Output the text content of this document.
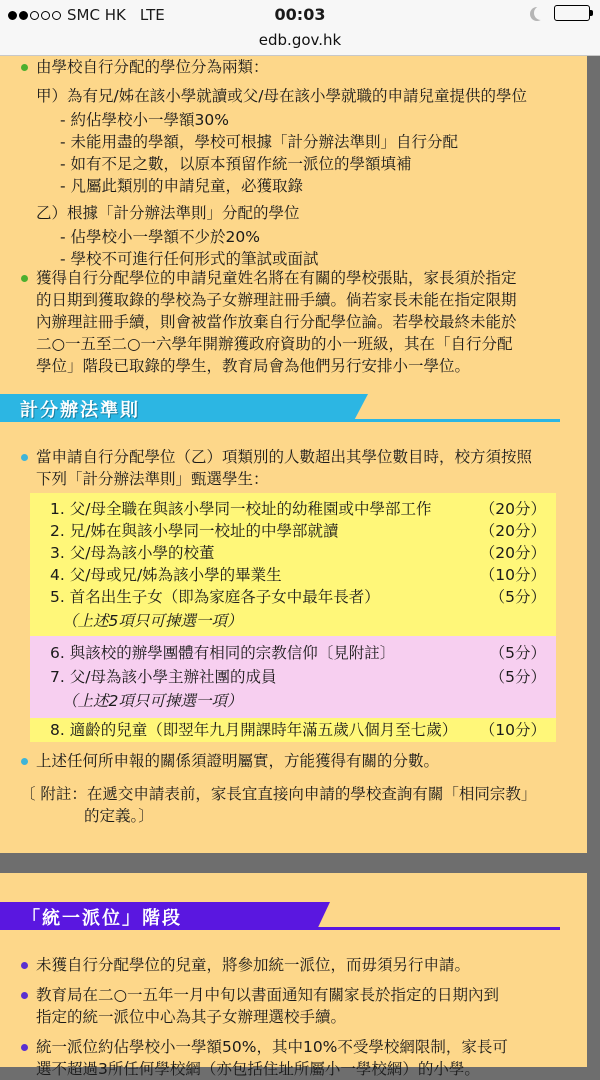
SMC HK LTE	00:03
edb.gov.hk
由學校自行分配的學位分為兩類：
甲）為有兄/姊在該小學就讀或父/母在該小學就職的申請兒童提供的學位
- 約佔學校小一學額30%
- 未能用盡的學額，學校可根據「計分辦法準則」自行分配
- 如有不足之數，以原本預留作統一派位的學額填補
- 凡屬此類別的申請兒童，必獲取錄
乙）根據「計分辦法準則」分配的學位
- 佔學校小一學額不少於20%
- 學校不可進行任何形式的筆試或面試
獲得自行分配學位的申請兒童姓名將在有關的學校張貼，家長須於指定
的日期到獲取錄的學校為子女辦理註冊手續。倘若家長未能在指定限期
內辦理註冊手續，則會被當作放棄自行分配學位論。若學校最終未能於
二○一五至二○一六學年開辦獲政府資助的小一班級，其在「自行分配
學位」階段已取錄的學生，教育局會為他們另行安排小一學位。
計分辦法準則
當申請自行分配學位（乙）項類別的人數超出其學位數目時，校方須按照
下列「計分辦法準則」甄選學生：
1. 父/母全職在與該小學同一校址的幼稚園或中學部工作	（20分）
2. 兄/姊在與該小學同一校址的中學部就讀	（20分）
3. 父/母為該小學的校董	（20分）
4. 父/母或兄/姊為該小學的畢業生	（10分）
5. 首名出生子女（即為家庭各子女中最年長者）	（5分）
（上述5項只可揀選一項）
6. 與該校的辦學團體有相同的宗教信仰〔見附註〕	（5分）
7. 父/母為該小學主辦社團的成員	（5分）
（上述2項只可揀選一項）
8. 適齡的兒童（即翌年九月開課時年滿五歲八個月至七歲） （10分）
上述任何所申報的關係須證明屬實，方能獲得有關的分數。
〔 附註：在遞交申請表前，家長宜直接向申請的學校查詢有關「相同宗教」
的定義。〕
「統一派位」階段
未獲自行分配學位的兒童，將參加統一派位，而毋須另行申請。
教育局在二○一五年一月中旬以書面通知有關家長於指定的日期內到
指定的統一派位中心為其子女辦理選校手續。
統一派位約佔學校小一學額50%，其中10%不受學校網限制，家長可
選不超過3所任何學校網（亦包括住址所屬小一學校網）的小學。
